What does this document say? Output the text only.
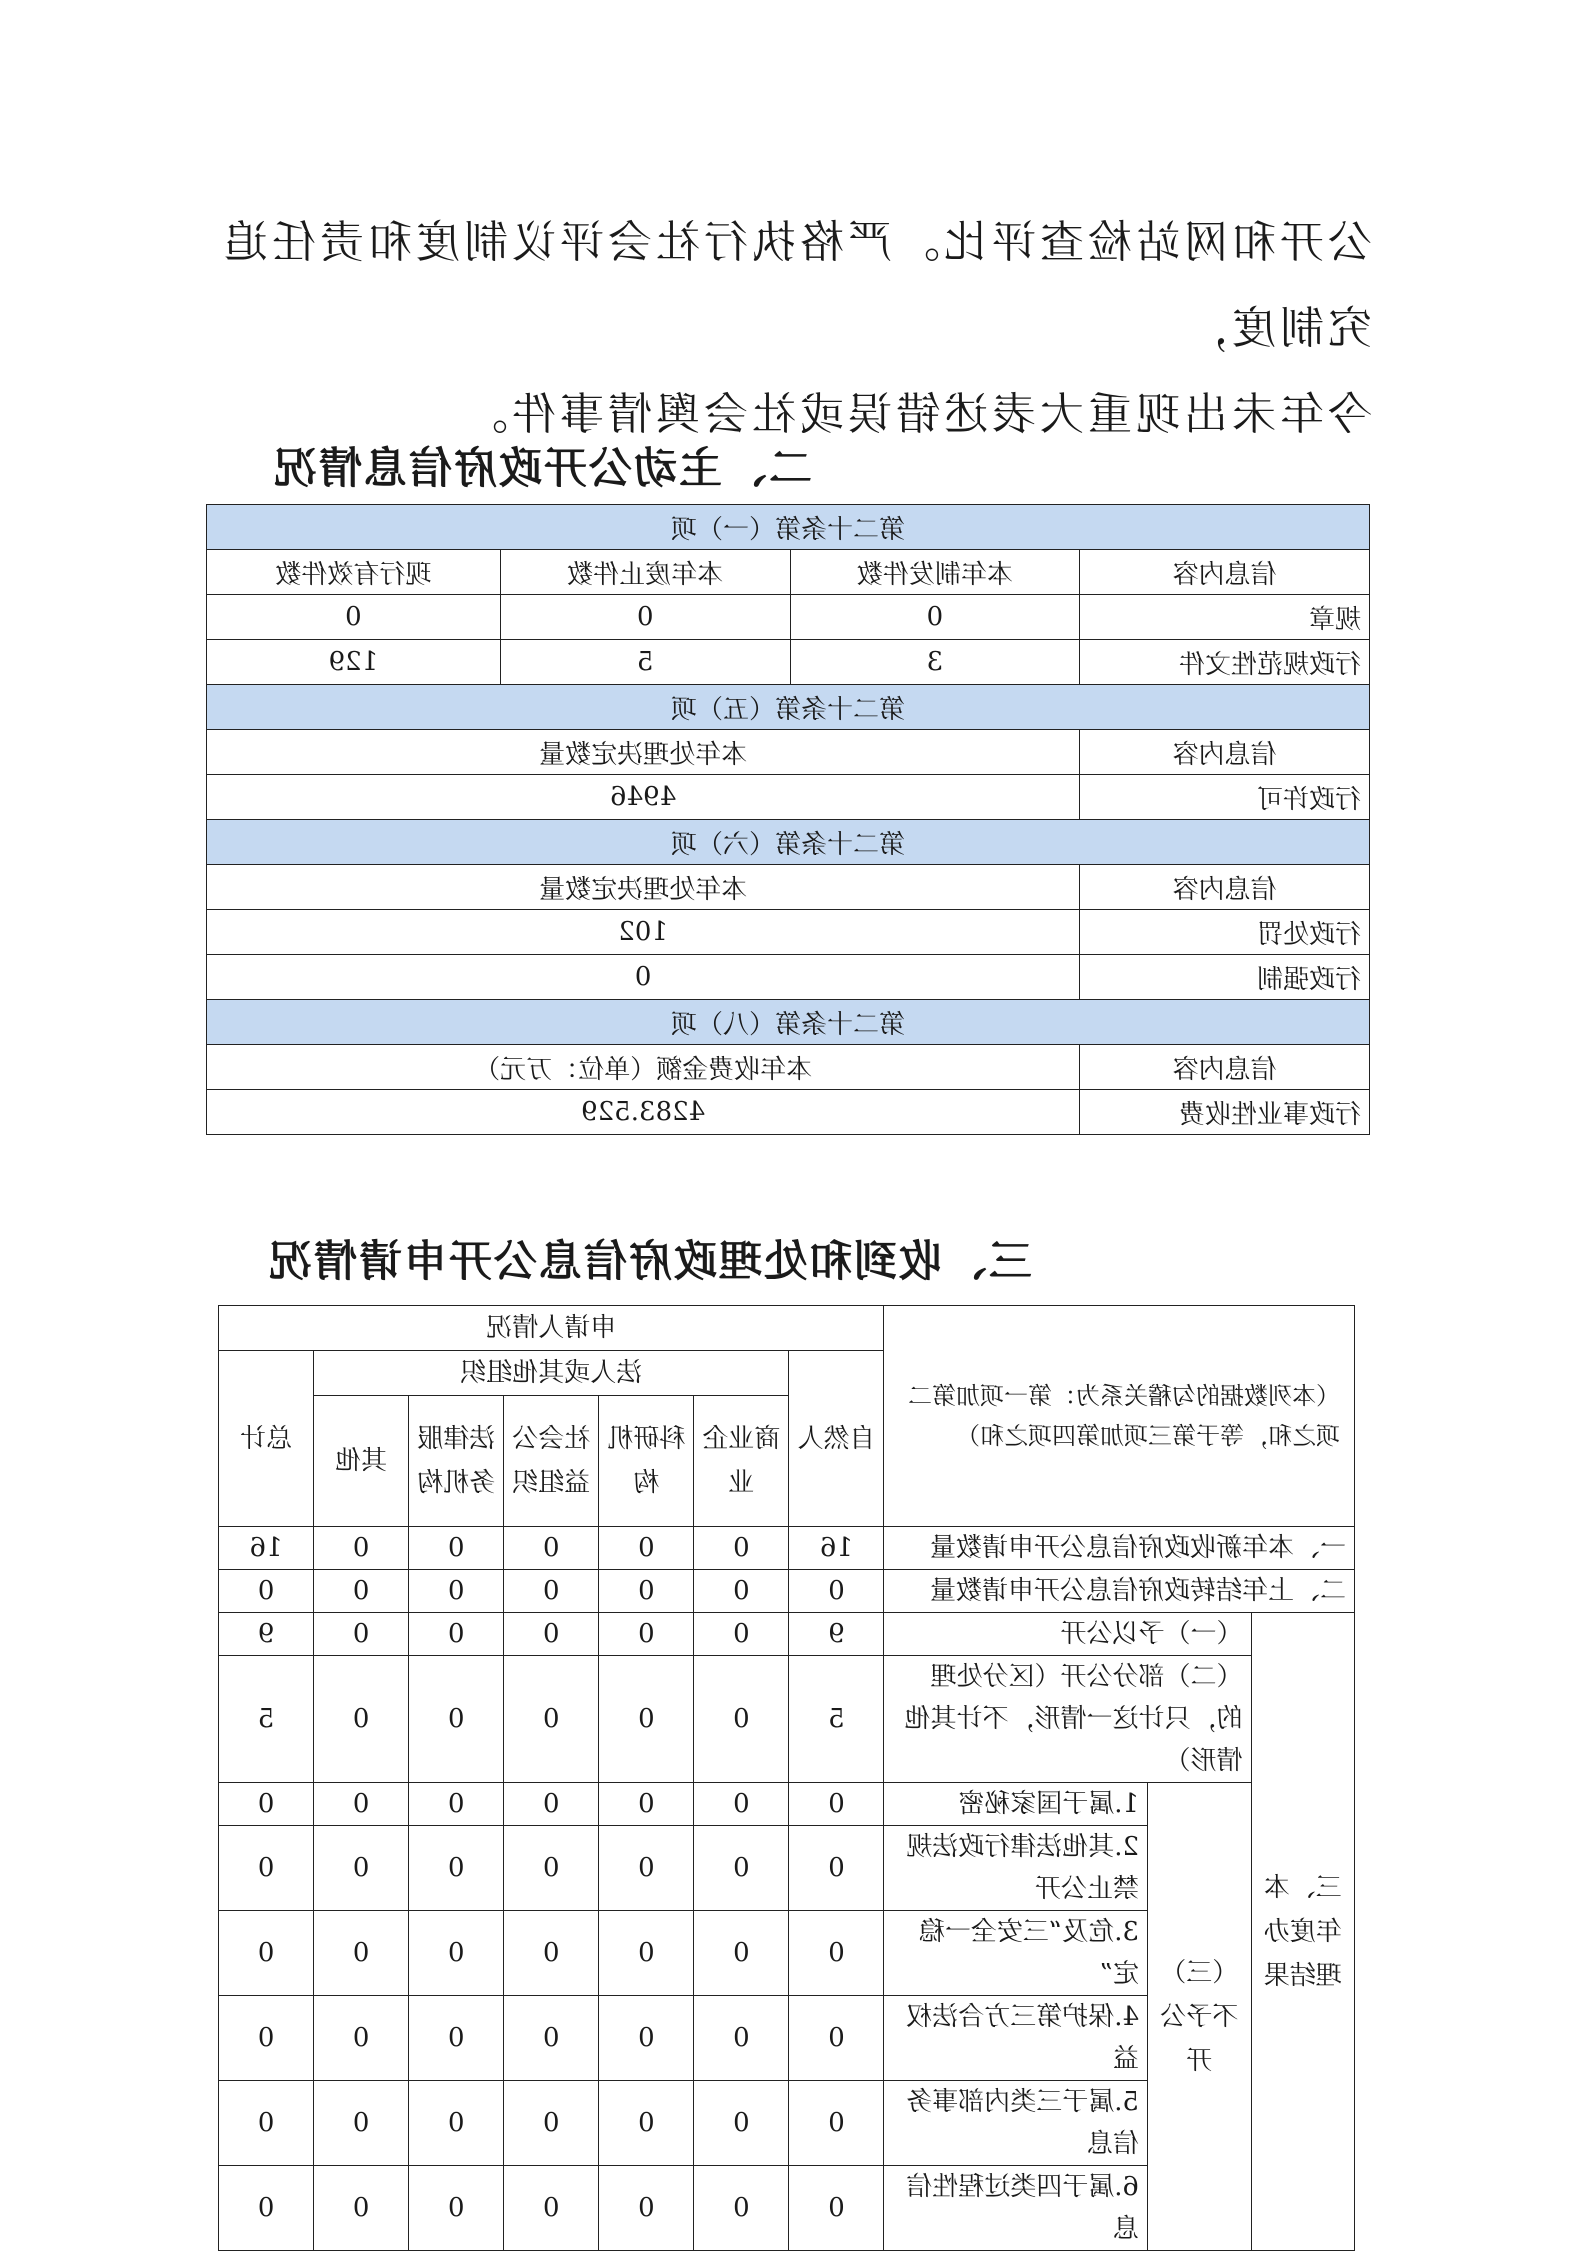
公开和网站检查评比。严格执行社会评议制度和责任追究制度，

今年未出现重大表述错误或社会舆情事件。

二、主动公开政府信息情况
第二十条第（一）项			
信息内容	本年制发件数	本年废止件数	现行有效件数
规章	0	0	0
行政规范性文件	3	5	129
第二十条第（五）项			
信息内容	本年处理决定数量		
行政许可	4946		
第二十条第（六）项			
信息内容	本年处理决定数量		
行政处罚	102		
行政强制	0		
第二十条第（八）项			
信息内容	本年收费金额（单位：万元）		
行政事业性收费	4283.529		
三、收到和处理政府信息公开申请情况
（本列数据的勾稽关系为：第一项加第二项之和，等于第三项加第四项之和）			申请人情况						
			自然人	法人或其他组织					总计
				商业企业	科研机构	社会公益组织	法律服务机构	其他	
一、本年新收政府信息公开申请数量			16	0	0	0	0	0	16
二、上年结转政府信息公开申请数量			0	0	0	0	0	0	0
三、本年度办理结果	（一）予以公开		9	0	0	0	0	0	9
	（二）部分公开（区分处理的，只计这一情形，不计其他情形）		5	0	0	0	0	0	5
	（三）不予公开	1.属于国家秘密	0	0	0	0	0	0	0
		2.其他法律行政法规禁止公开	0	0	0	0	0	0	0
		3.危及“三安全一稳定”	0	0	0	0	0	0	0
		4.保护第三方合法权益	0	0	0	0	0	0	0
		5.属于三类内部事务信息	0	0	0	0	0	0	0
		6.属于四类过程性信息	0	0	0	0	0	0	0
